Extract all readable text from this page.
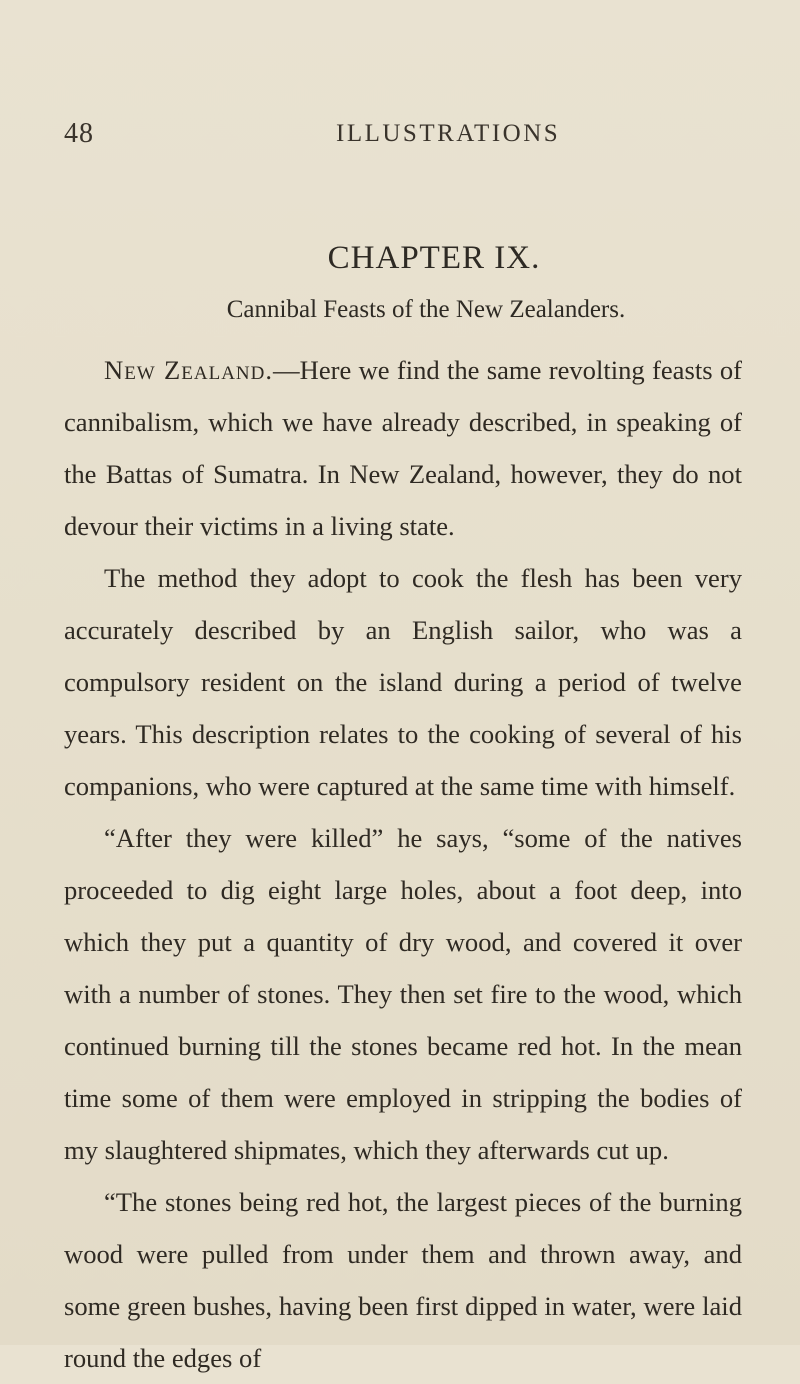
48	ILLUSTRATIONS
CHAPTER IX.
Cannibal Feasts of the New Zealanders.

New Zealand.—Here we find the same revolting feasts of cannibalism, which we have already described, in speaking of the Battas of Sumatra. In New Zealand, however, they do not devour their victims in a living state.

The method they adopt to cook the flesh has been very accurately described by an English sailor, who was a compulsory resident on the island during a period of twelve years. This description relates to the cooking of several of his companions, who were captured at the same time with himself.

“After they were killed” he says, “some of the natives proceeded to dig eight large holes, about a foot deep, into which they put a quantity of dry wood, and covered it over with a number of stones. They then set fire to the wood, which continued burning till the stones became red hot. In the mean time some of them were employed in stripping the bodies of my slaughtered shipmates, which they afterwards cut up.

“The stones being red hot, the largest pieces of the burning wood were pulled from under them and thrown away, and some green bushes, having been first dipped in water, were laid round the edges of
